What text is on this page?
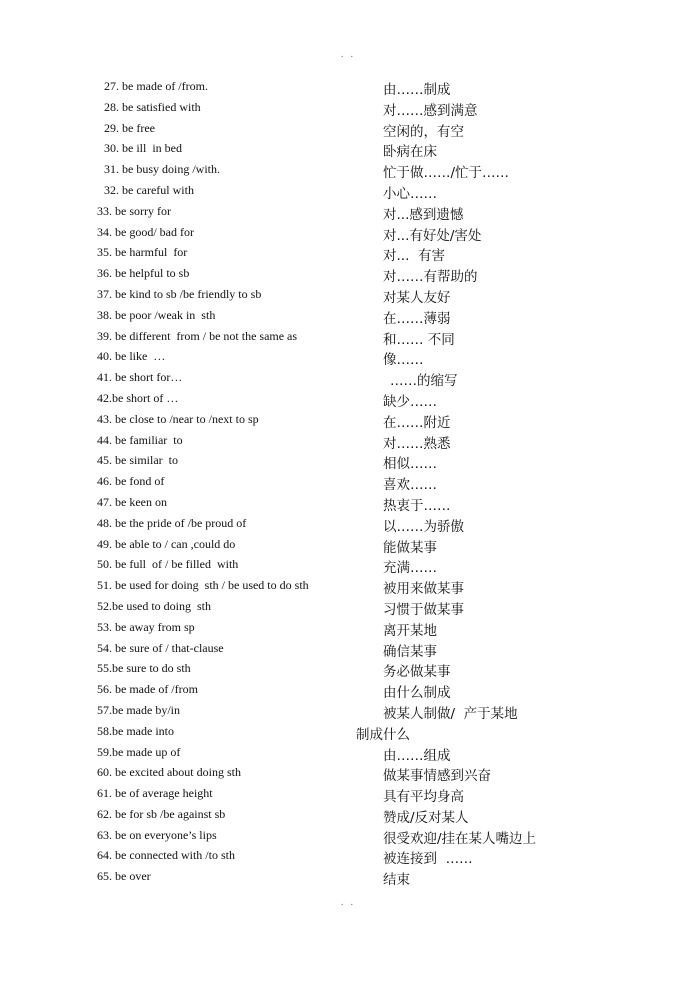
. .
27. be made of /from.	由……制成
28. be satisfied with	对……感到满意
29. be free	空闲的，有空
30. be ill  in bed	卧病在床
31. be busy doing /with.	忙于做……/忙于……
32. be careful with	小心……
33. be sorry for	对...感到遗憾
34. be good/ bad for	对...有好处/害处
35. be harmful  for	对...  有害
36. be helpful to sb	对……有帮助的
37. be kind to sb /be friendly to sb	对某人友好
38. be poor /weak in  sth	在……薄弱
39. be different  from / be not the same as	和…… 不同
40. be like  …	像……
41. be short for…	……的缩写
42.be short of …	缺少……
43. be close to /near to /next to sp	在……附近
44. be familiar  to	对……熟悉
45. be similar  to	相似……
46. be fond of	喜欢……
47. be keen on	热衷于……
48. be the pride of /be proud of	以……为骄傲
49. be able to / can ,could do	能做某事
50. be full  of / be filled  with	充满……
51. be used for doing  sth / be used to do sth	被用来做某事
52.be used to doing  sth	习惯于做某事
53. be away from sp	离开某地
54. be sure of / that-clause	确信某事
55.be sure to do sth	务必做某事
56. be made of /from	由什么制成
57.be made by/in	被某人制做/  产于某地
58.be made into	制成什么
59.be made up of	由……组成
60. be excited about doing sth	做某事情感到兴奋
61. be of average height	具有平均身高
62. be for sb /be against sb	赞成/反对某人
63. be on everyone’s lips	很受欢迎/挂在某人嘴边上
64. be connected with /to sth	被连接到  ……
65. be over	结束
. .
